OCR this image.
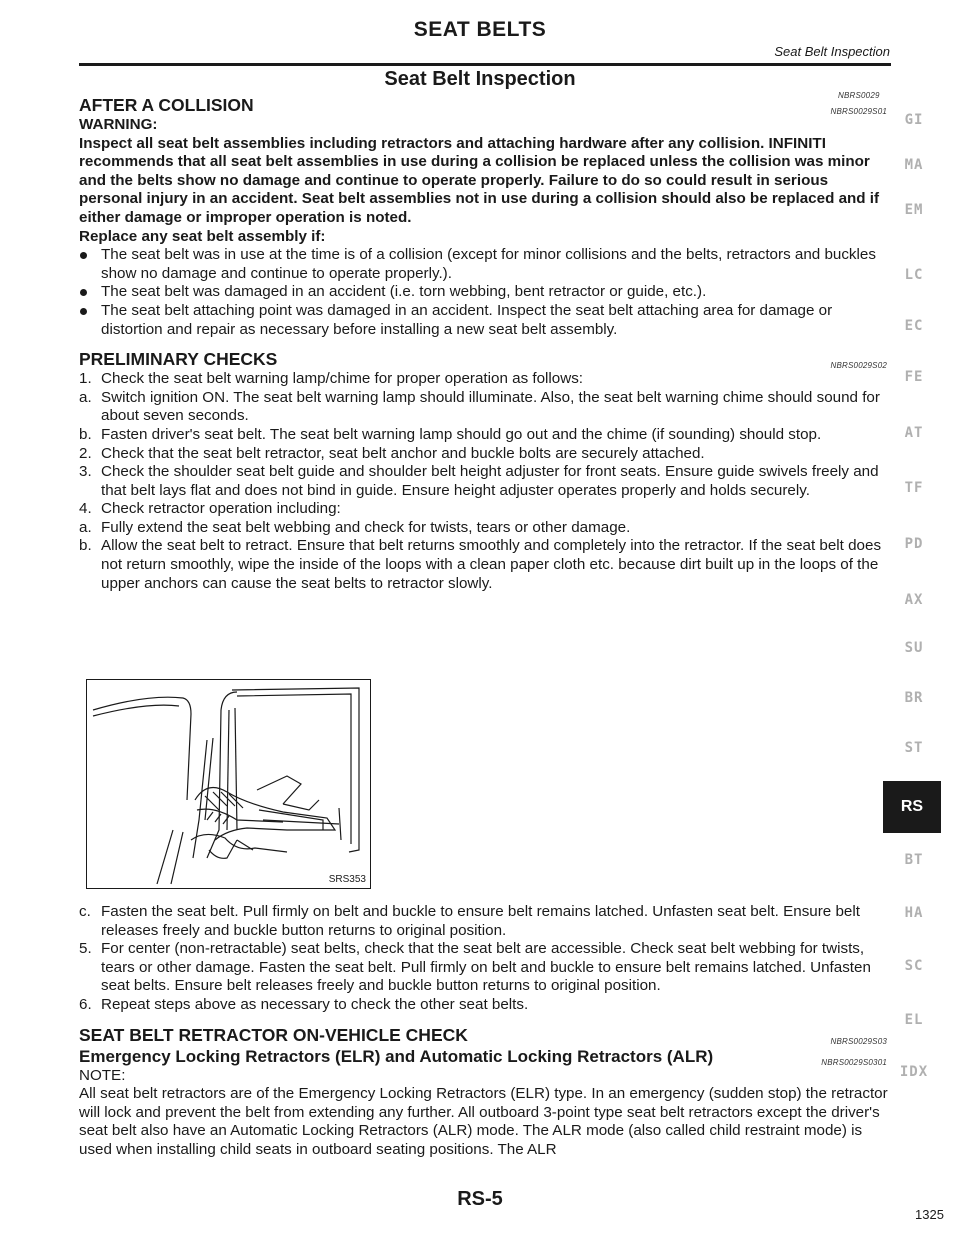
SEAT BELTS
Seat Belt Inspection
Seat Belt Inspection
NBRS0029
AFTER A COLLISION	NBRS0029S01

WARNING:

Inspect all seat belt assemblies including retractors and attaching hardware after any collision. INFINITI recommends that all seat belt assemblies in use during a collision be replaced unless the collision was minor and the belts show no damage and continue to operate properly. Failure to do so could result in serious personal injury in an accident. Seat belt assemblies not in use during a collision should also be replaced and if either damage or improper operation is noted.

Replace any seat belt assembly if:

The seat belt was in use at the time is of a collision (except for minor collisions and the belts, retractors and buckles show no damage and continue to operate properly.).

The seat belt was damaged in an accident (i.e. torn webbing, bent retractor or guide, etc.).

The seat belt attaching point was damaged in an accident. Inspect the seat belt attaching area for damage or distortion and repair as necessary before installing a new seat belt assembly.

PRELIMINARY CHECKS	NBRS0029S02

1. Check the seat belt warning lamp/chime for proper operation as follows:

a. Switch ignition ON. The seat belt warning lamp should illuminate. Also, the seat belt warning chime should sound for about seven seconds.

b. Fasten driver's seat belt. The seat belt warning lamp should go out and the chime (if sounding) should stop.

2. Check that the seat belt retractor, seat belt anchor and buckle bolts are securely attached.

3. Check the shoulder seat belt guide and shoulder belt height adjuster for front seats. Ensure guide swivels freely and that belt lays flat and does not bind in guide. Ensure height adjuster operates properly and holds securely.

4. Check retractor operation including:

a. Fully extend the seat belt webbing and check for twists, tears or other damage.

b. Allow the seat belt to retract. Ensure that belt returns smoothly and completely into the retractor. If the seat belt does not return smoothly, wipe the inside of the loops with a clean paper cloth etc. because dirt built up in the loops of the upper anchors can cause the seat belts to retractor slowly.

SRS353

c. Fasten the seat belt. Pull firmly on belt and buckle to ensure belt remains latched. Unfasten seat belt. Ensure belt releases freely and buckle button returns to original position.

5. For center (non-retractable) seat belts, check that the seat belt are accessible. Check seat belt webbing for twists, tears or other damage. Fasten the seat belt. Pull firmly on belt and buckle to ensure belt remains latched. Unfasten seat belts. Ensure belt releases freely and buckle button returns to original position.

6. Repeat steps above as necessary to check the other seat belts.

SEAT BELT RETRACTOR ON-VEHICLE CHECK	NBRS0029S03
Emergency Locking Retractors (ELR) and Automatic Locking Retractors (ALR)	NBRS0029S0301

NOTE:

All seat belt retractors are of the Emergency Locking Retractors (ELR) type. In an emergency (sudden stop) the retractor will lock and prevent the belt from extending any further. All outboard 3-point type seat belt retractors except the driver's seat belt also have an Automatic Locking Retractors (ALR) mode. The ALR mode (also called child restraint mode) is used when installing child seats in outboard seating positions. The ALR

GI
MA
EM
LC
EC
FE
AT
TF
PD
AX
SU
BR
ST
RS
BT
HA
SC
EL
IDX
RS-5
1325
